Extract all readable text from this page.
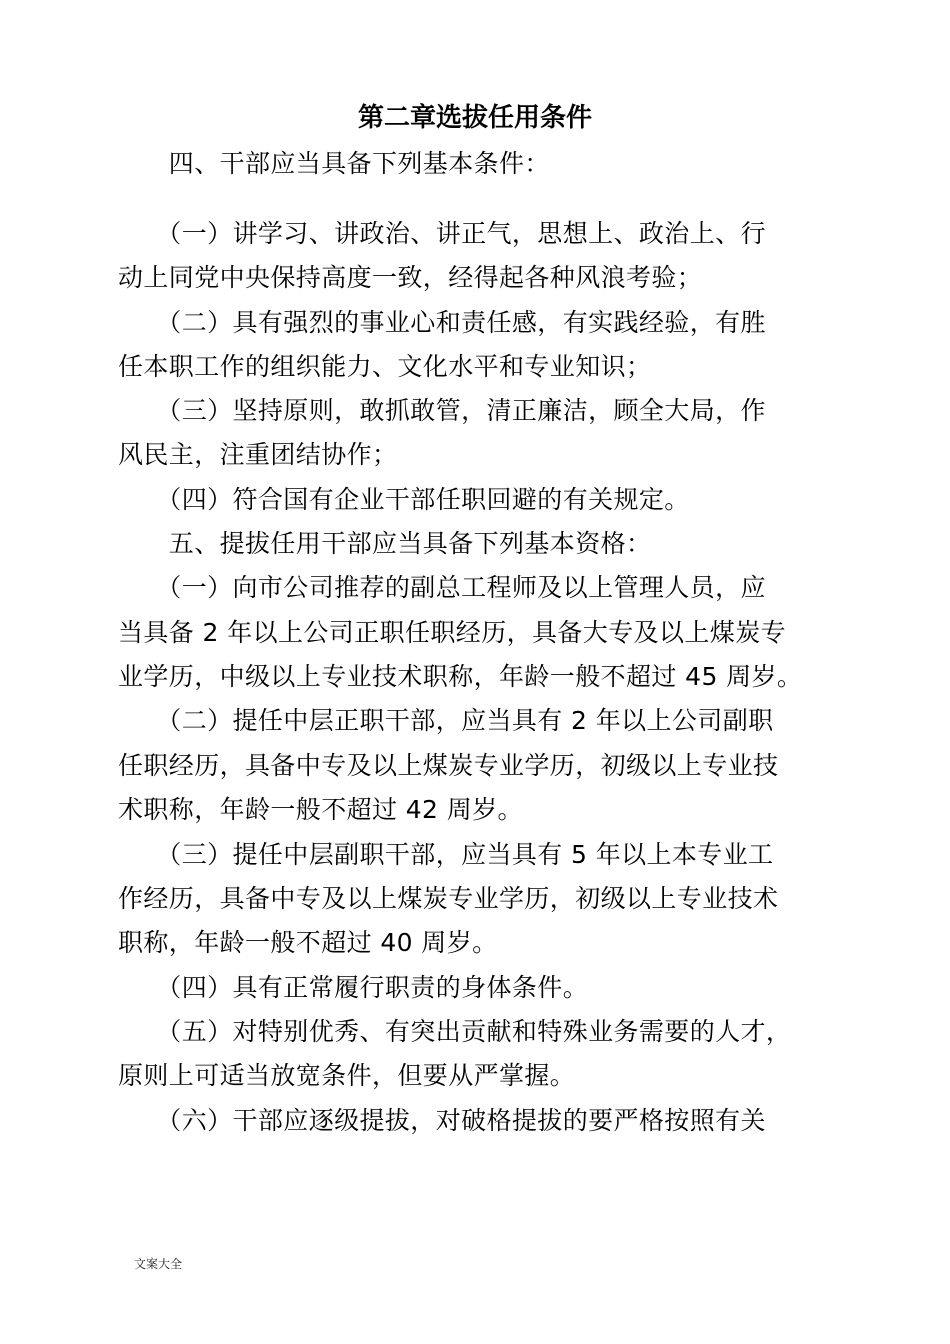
第二章选拔任用条件
　　四、干部应当具备下列基本条件：
　　（一）讲学习、讲政治、讲正气，思想上、政治上、行
动上同党中央保持高度一致，经得起各种风浪考验；
　　（二）具有强烈的事业心和责任感，有实践经验，有胜
任本职工作的组织能力、文化水平和专业知识；
　　（三）坚持原则，敢抓敢管，清正廉洁，顾全大局，作
风民主，注重团结协作；
　　（四）符合国有企业干部任职回避的有关规定。
　　五、提拔任用干部应当具备下列基本资格：
　　（一）向市公司推荐的副总工程师及以上管理人员，应
当具备 2 年以上公司正职任职经历，具备大专及以上煤炭专
业学历，中级以上专业技术职称，年龄一般不超过 45 周岁。
　　（二）提任中层正职干部，应当具有 2 年以上公司副职
任职经历，具备中专及以上煤炭专业学历，初级以上专业技
术职称，年龄一般不超过 42 周岁。
　　（三）提任中层副职干部，应当具有 5 年以上本专业工
作经历，具备中专及以上煤炭专业学历，初级以上专业技术
职称，年龄一般不超过 40 周岁。
　　（四）具有正常履行职责的身体条件。
　　（五）对特别优秀、有突出贡献和特殊业务需要的人才，
原则上可适当放宽条件，但要从严掌握。
　　（六）干部应逐级提拔，对破格提拔的要严格按照有关
文案大全
